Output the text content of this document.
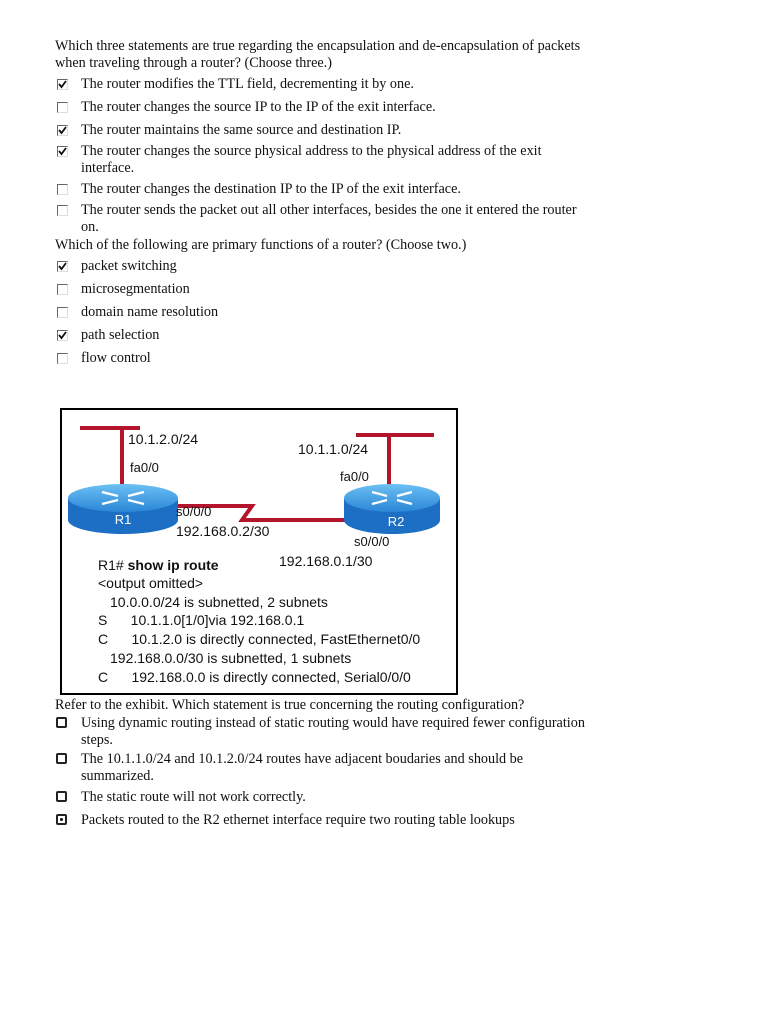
Which three statements are true regarding the encapsulation and de-encapsulation of packets
when traveling through a router? (Choose three.)
The router modifies the TTL field, decrementing it by one.
The router changes the source IP to the IP of the exit interface.
The router maintains the same source and destination IP.
The router changes the source physical address to the physical address of the exit
interface.
The router changes the destination IP to the IP of the exit interface.
The router sends the packet out all other interfaces, besides the one it entered the router
on.
Which of the following are primary functions of a router? (Choose two.)
packet switching
microsegmentation
domain name resolution
path selection
flow control
R1	R2
10.1.2.0/24
fa0/0
10.1.1.0/24
fa0/0
s0/0/0
192.168.0.2/30
s0/0/0
192.168.0.1/30
R1# show ip route
<output omitted>
10.0.0.0/24 is subnetted, 2 subnets
S      10.1.1.0[1/0]via 192.168.0.1
C      10.1.2.0 is directly connected, FastEthernet0/0
192.168.0.0/30 is subnetted, 1 subnets
C      192.168.0.0 is directly connected, Serial0/0/0
Refer to the exhibit. Which statement is true concerning the routing configuration?
Using dynamic routing instead of static routing would have required fewer configuration
steps.
The 10.1.1.0/24 and 10.1.2.0/24 routes have adjacent boudaries and should be
summarized.
The static route will not work correctly.
Packets routed to the R2 ethernet interface require two routing table lookups
